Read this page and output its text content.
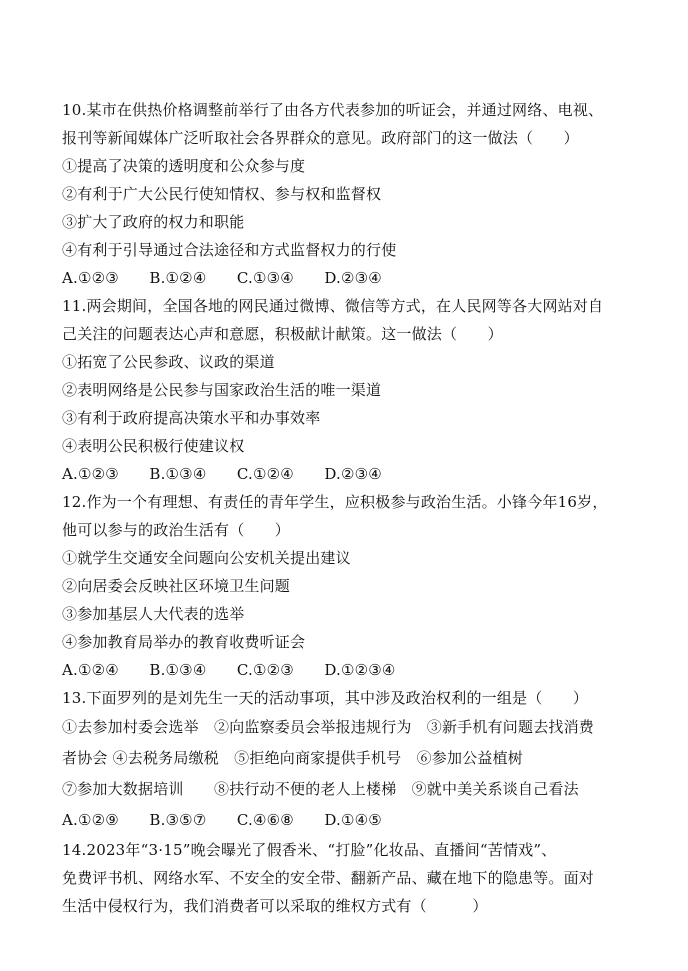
10.某市在供热价格调整前举行了由各方代表参加的听证会，并通过网络、电视、
报刊等新闻媒体广泛听取社会各界群众的意见。政府部门的这一做法（　　）
①提高了决策的透明度和公众参与度
②有利于广大公民行使知情权、参与权和监督权
③扩大了政府的权力和职能
④有利于引导通过合法途径和方式监督权力的行使
A.①②③　　B.①②④　　C.①③④　　D.②③④
11.两会期间，全国各地的网民通过微博、微信等方式，在人民网等各大网站对自
己关注的问题表达心声和意愿，积极献计献策。这一做法（　　）
①拓宽了公民参政、议政的渠道
②表明网络是公民参与国家政治生活的唯一渠道
③有利于政府提高决策水平和办事效率
④表明公民积极行使建议权
A.①②③　　B.①③④　　C.①②④　　D.②③④
12.作为一个有理想、有责任的青年学生，应积极参与政治生活。小锋今年16岁，
他可以参与的政治生活有（　　）
①就学生交通安全问题向公安机关提出建议
②向居委会反映社区环境卫生问题
③参加基层人大代表的选举
④参加教育局举办的教育收费听证会
A.①②④　　B.①③④　　C.①②③　　D.①②③④
13.下面罗列的是刘先生一天的活动事项，其中涉及政治权利的一组是（　　）
①去参加村委会选举　②向监察委员会举报违规行为　③新手机有问题去找消费
者协会 ④去税务局缴税　⑤拒绝向商家提供手机号　⑥参加公益植树
⑦参加大数据培训　　⑧扶行动不便的老人上楼梯　⑨就中美关系谈自己看法
A.①②⑨　　B.③⑤⑦　　C.④⑥⑧　　D.①④⑤
14.2023年“3·15”晚会曝光了假香米、“打脸”化妆品、直播间“苦情戏”、
免费评书机、网络水军、不安全的安全带、翻新产品、藏在地下的隐患等。面对
生活中侵权行为，我们消费者可以采取的维权方式有（　　　）
